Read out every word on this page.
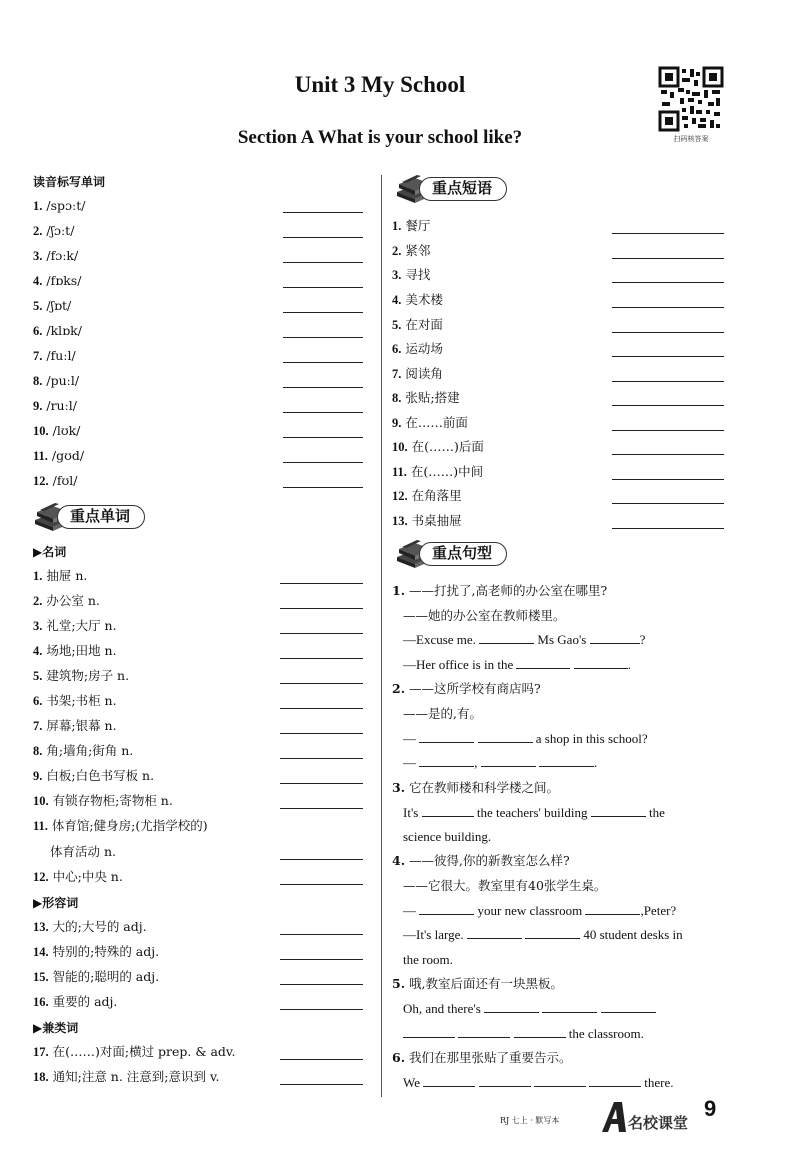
Unit 3 My School
Section A What is your school like?	扫码核答案
读音标写单词
1. /spɔːt/
2. /ʃɔːt/
3. /fɔːk/
4. /fɒks/
5. /ʃɒt/
6. /klɒk/
7. /fuːl/
8. /puːl/
9. /ruːl/
10. /lʊk/
11. /gʊd/
12. /fʊl/
重点单词
▶名词
1. 抽屉 n.
2. 办公室 n.
3. 礼堂;大厅 n.
4. 场地;田地 n.
5. 建筑物;房子 n.
6. 书架;书柜 n.
7. 屏幕;银幕 n.
8. 角;墙角;街角 n.
9. 白板;白色书写板 n.
10. 有锁存物柜;寄物柜 n.
11. 体育馆;健身房;(尤指学校的)
体育活动 n.
12. 中心;中央 n.
▶形容词
13. 大的;大号的 adj.
14. 特别的;特殊的 adj.
15. 智能的;聪明的 adj.
16. 重要的 adj.
▶兼类词
17. 在(……)对面;横过 prep. & adv.
18. 通知;注意 n. 注意到;意识到 v.
重点短语
1. 餐厅
2. 紧邻
3. 寻找
4. 美术楼
5. 在对面
6. 运动场
7. 阅读角
8. 张贴;搭建
9. 在……前面
10. 在(……)后面
11. 在(……)中间
12. 在角落里
13. 书桌抽屉
重点句型
1. ——打扰了,高老师的办公室在哪里?
——她的办公室在教师楼里。
—Excuse me.	Ms Gao's	?
—Her office is in the	.
2. ——这所学校有商店吗?
——是的,有。
—	a shop in this school?
—	,	.
3. 它在教师楼和科学楼之间。
It's	the teachers' building	the
science building.
4. ——彼得,你的新教室怎么样?
——它很大。教室里有40张学生桌。
—	your new classroom	,Peter?
—It's large.	40 student desks in
the room.
5. 哦,教室后面还有一块黑板。
Oh, and there's
the classroom.
6. 我们在那里张贴了重要告示。
We	there.
RJ 七上 · 默写本	名校课堂
9
